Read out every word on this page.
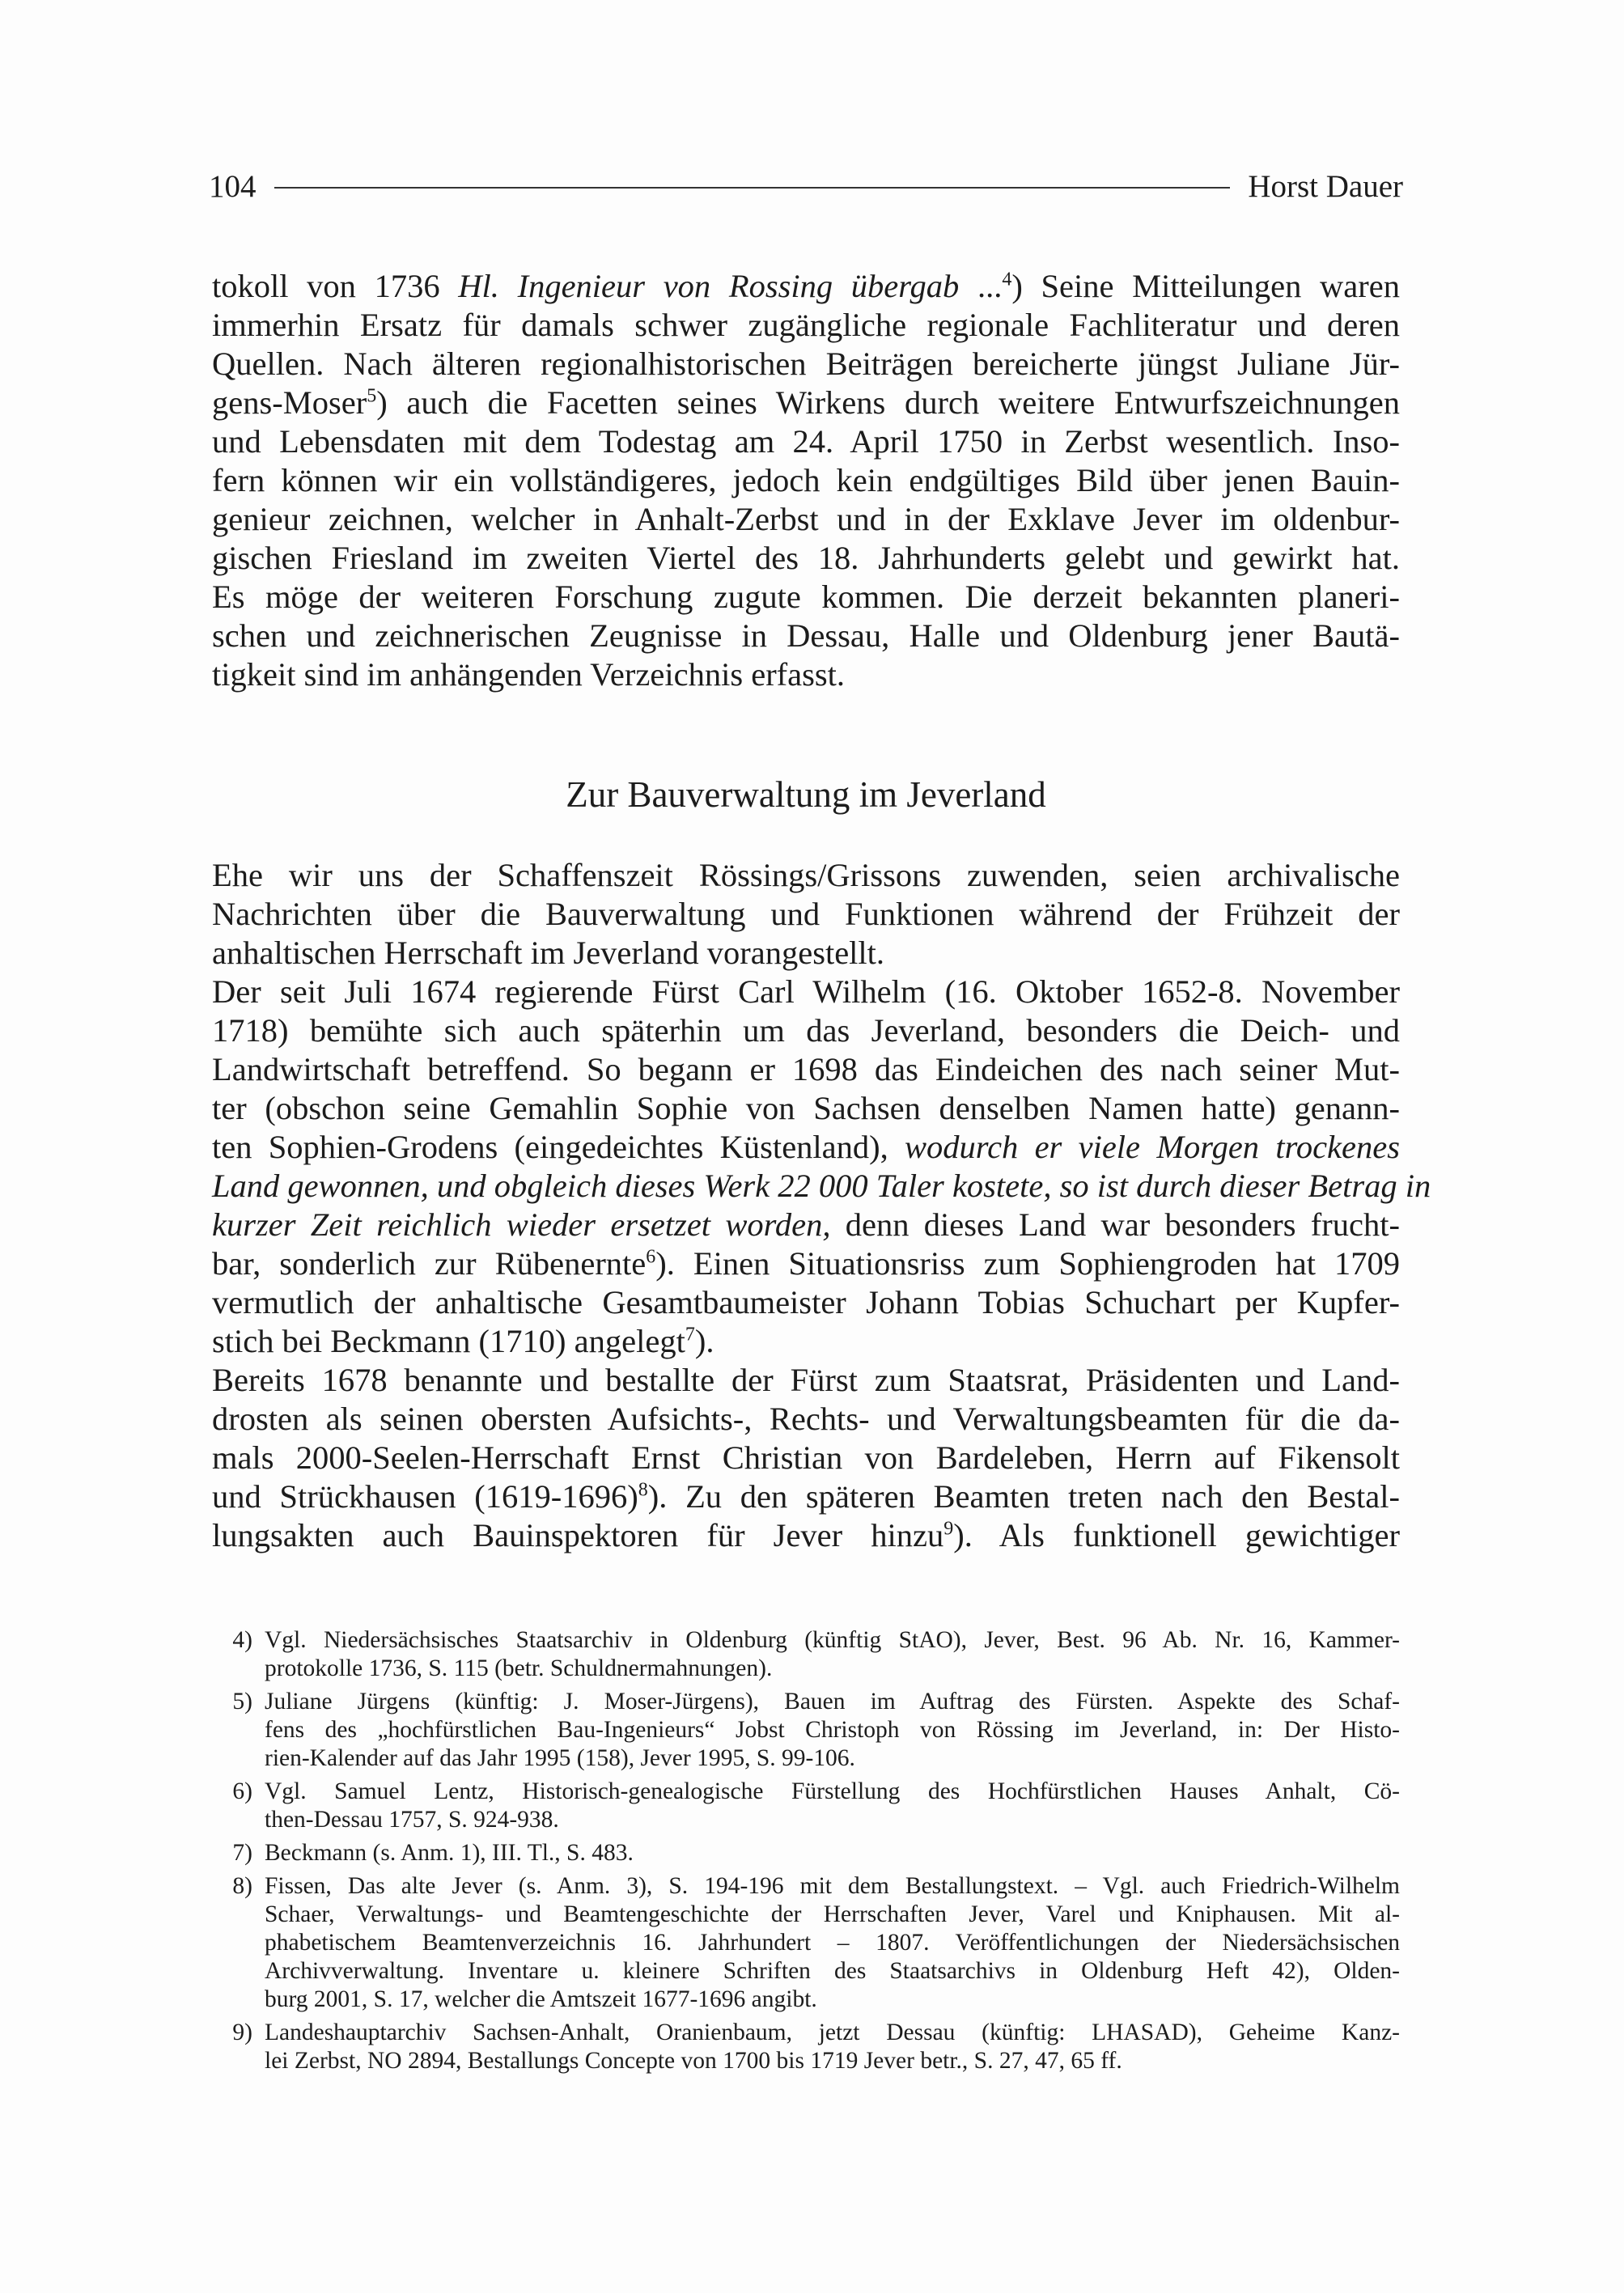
104	Horst Dauer
tokoll von 1736 Hl. Ingenieur von Rossing übergab ...$^4$) Seine Mitteilungen waren
immerhin Ersatz für damals schwer zugängliche regionale Fachliteratur und deren
Quellen. Nach älteren regionalhistorischen Beiträgen bereicherte jüngst Juliane Jür-
gens-Moser$^5$) auch die Facetten seines Wirkens durch weitere Entwurfszeichnungen
und Lebensdaten mit dem Todestag am 24. April 1750 in Zerbst wesentlich. Inso-
fern können wir ein vollständigeres, jedoch kein endgültiges Bild über jenen Bauin-
genieur zeichnen, welcher in Anhalt-Zerbst und in der Exklave Jever im oldenbur-
gischen Friesland im zweiten Viertel des 18. Jahrhunderts gelebt und gewirkt hat.
Es möge der weiteren Forschung zugute kommen. Die derzeit bekannten planeri-
schen und zeichnerischen Zeugnisse in Dessau, Halle und Oldenburg jener Bautä-
tigkeit sind im anhängenden Verzeichnis erfasst.
Zur Bauverwaltung im Jeverland
Ehe wir uns der Schaffenszeit Rössings/Grissons zuwenden, seien archivalische
Nachrichten über die Bauverwaltung und Funktionen während der Frühzeit der
anhaltischen Herrschaft im Jeverland vorangestellt.
Der seit Juli 1674 regierende Fürst Carl Wilhelm (16. Oktober 1652-8. November
1718) bemühte sich auch späterhin um das Jeverland, besonders die Deich- und
Landwirtschaft betreffend. So begann er 1698 das Eindeichen des nach seiner Mut-
ter (obschon seine Gemahlin Sophie von Sachsen denselben Namen hatte) genann-
ten Sophien-Grodens (eingedeichtes Küstenland), wodurch er viele Morgen trockenes
Land gewonnen, und obgleich dieses Werk 22 000 Taler kostete, so ist durch dieser Betrag in
kurzer Zeit reichlich wieder ersetzet worden, denn dieses Land war besonders frucht-
bar, sonderlich zur Rübenernte$^6$). Einen Situationsriss zum Sophiengroden hat 1709
vermutlich der anhaltische Gesamtbaumeister Johann Tobias Schuchart per Kupfer-
stich bei Beckmann (1710) angelegt$^7$).
Bereits 1678 benannte und bestallte der Fürst zum Staatsrat, Präsidenten und Land-
drosten als seinen obersten Aufsichts-, Rechts- und Verwaltungsbeamten für die da-
mals 2000-Seelen-Herrschaft Ernst Christian von Bardeleben, Herrn auf Fikensolt
und Strückhausen (1619-1696)$^8$). Zu den späteren Beamten treten nach den Bestal-
lungsakten auch Bauinspektoren für Jever hinzu$^9$). Als funktionell gewichtiger
4) Vgl. Niedersächsisches Staatsarchiv in Oldenburg (künftig StAO), Jever, Best. 96 Ab. Nr. 16, Kammer-
protokolle 1736, S. 115 (betr. Schuldnermahnungen).
5) Juliane Jürgens (künftig: J. Moser-Jürgens), Bauen im Auftrag des Fürsten. Aspekte des Schaf-
fens des „hochfürstlichen Bau-Ingenieurs“ Jobst Christoph von Rössing im Jeverland, in: Der Histo-
rien-Kalender auf das Jahr 1995 (158), Jever 1995, S. 99-106.
6) Vgl. Samuel Lentz, Historisch-genealogische Fürstellung des Hochfürstlichen Hauses Anhalt, Cö-
then-Dessau 1757, S. 924-938.
7) Beckmann (s. Anm. 1), III. Tl., S. 483.
8) Fissen, Das alte Jever (s. Anm. 3), S. 194-196 mit dem Bestallungstext. – Vgl. auch Friedrich-Wilhelm
Schaer, Verwaltungs- und Beamtengeschichte der Herrschaften Jever, Varel und Kniphausen. Mit al-
phabetischem Beamtenverzeichnis 16. Jahrhundert – 1807. Veröffentlichungen der Niedersächsischen
Archivverwaltung. Inventare u. kleinere Schriften des Staatsarchivs in Oldenburg Heft 42), Olden-
burg 2001, S. 17, welcher die Amtszeit 1677-1696 angibt.
9) Landeshauptarchiv Sachsen-Anhalt, Oranienbaum, jetzt Dessau (künftig: LHASAD), Geheime Kanz-
lei Zerbst, NO 2894, Bestallungs Concepte von 1700 bis 1719 Jever betr., S. 27, 47, 65 ff.
